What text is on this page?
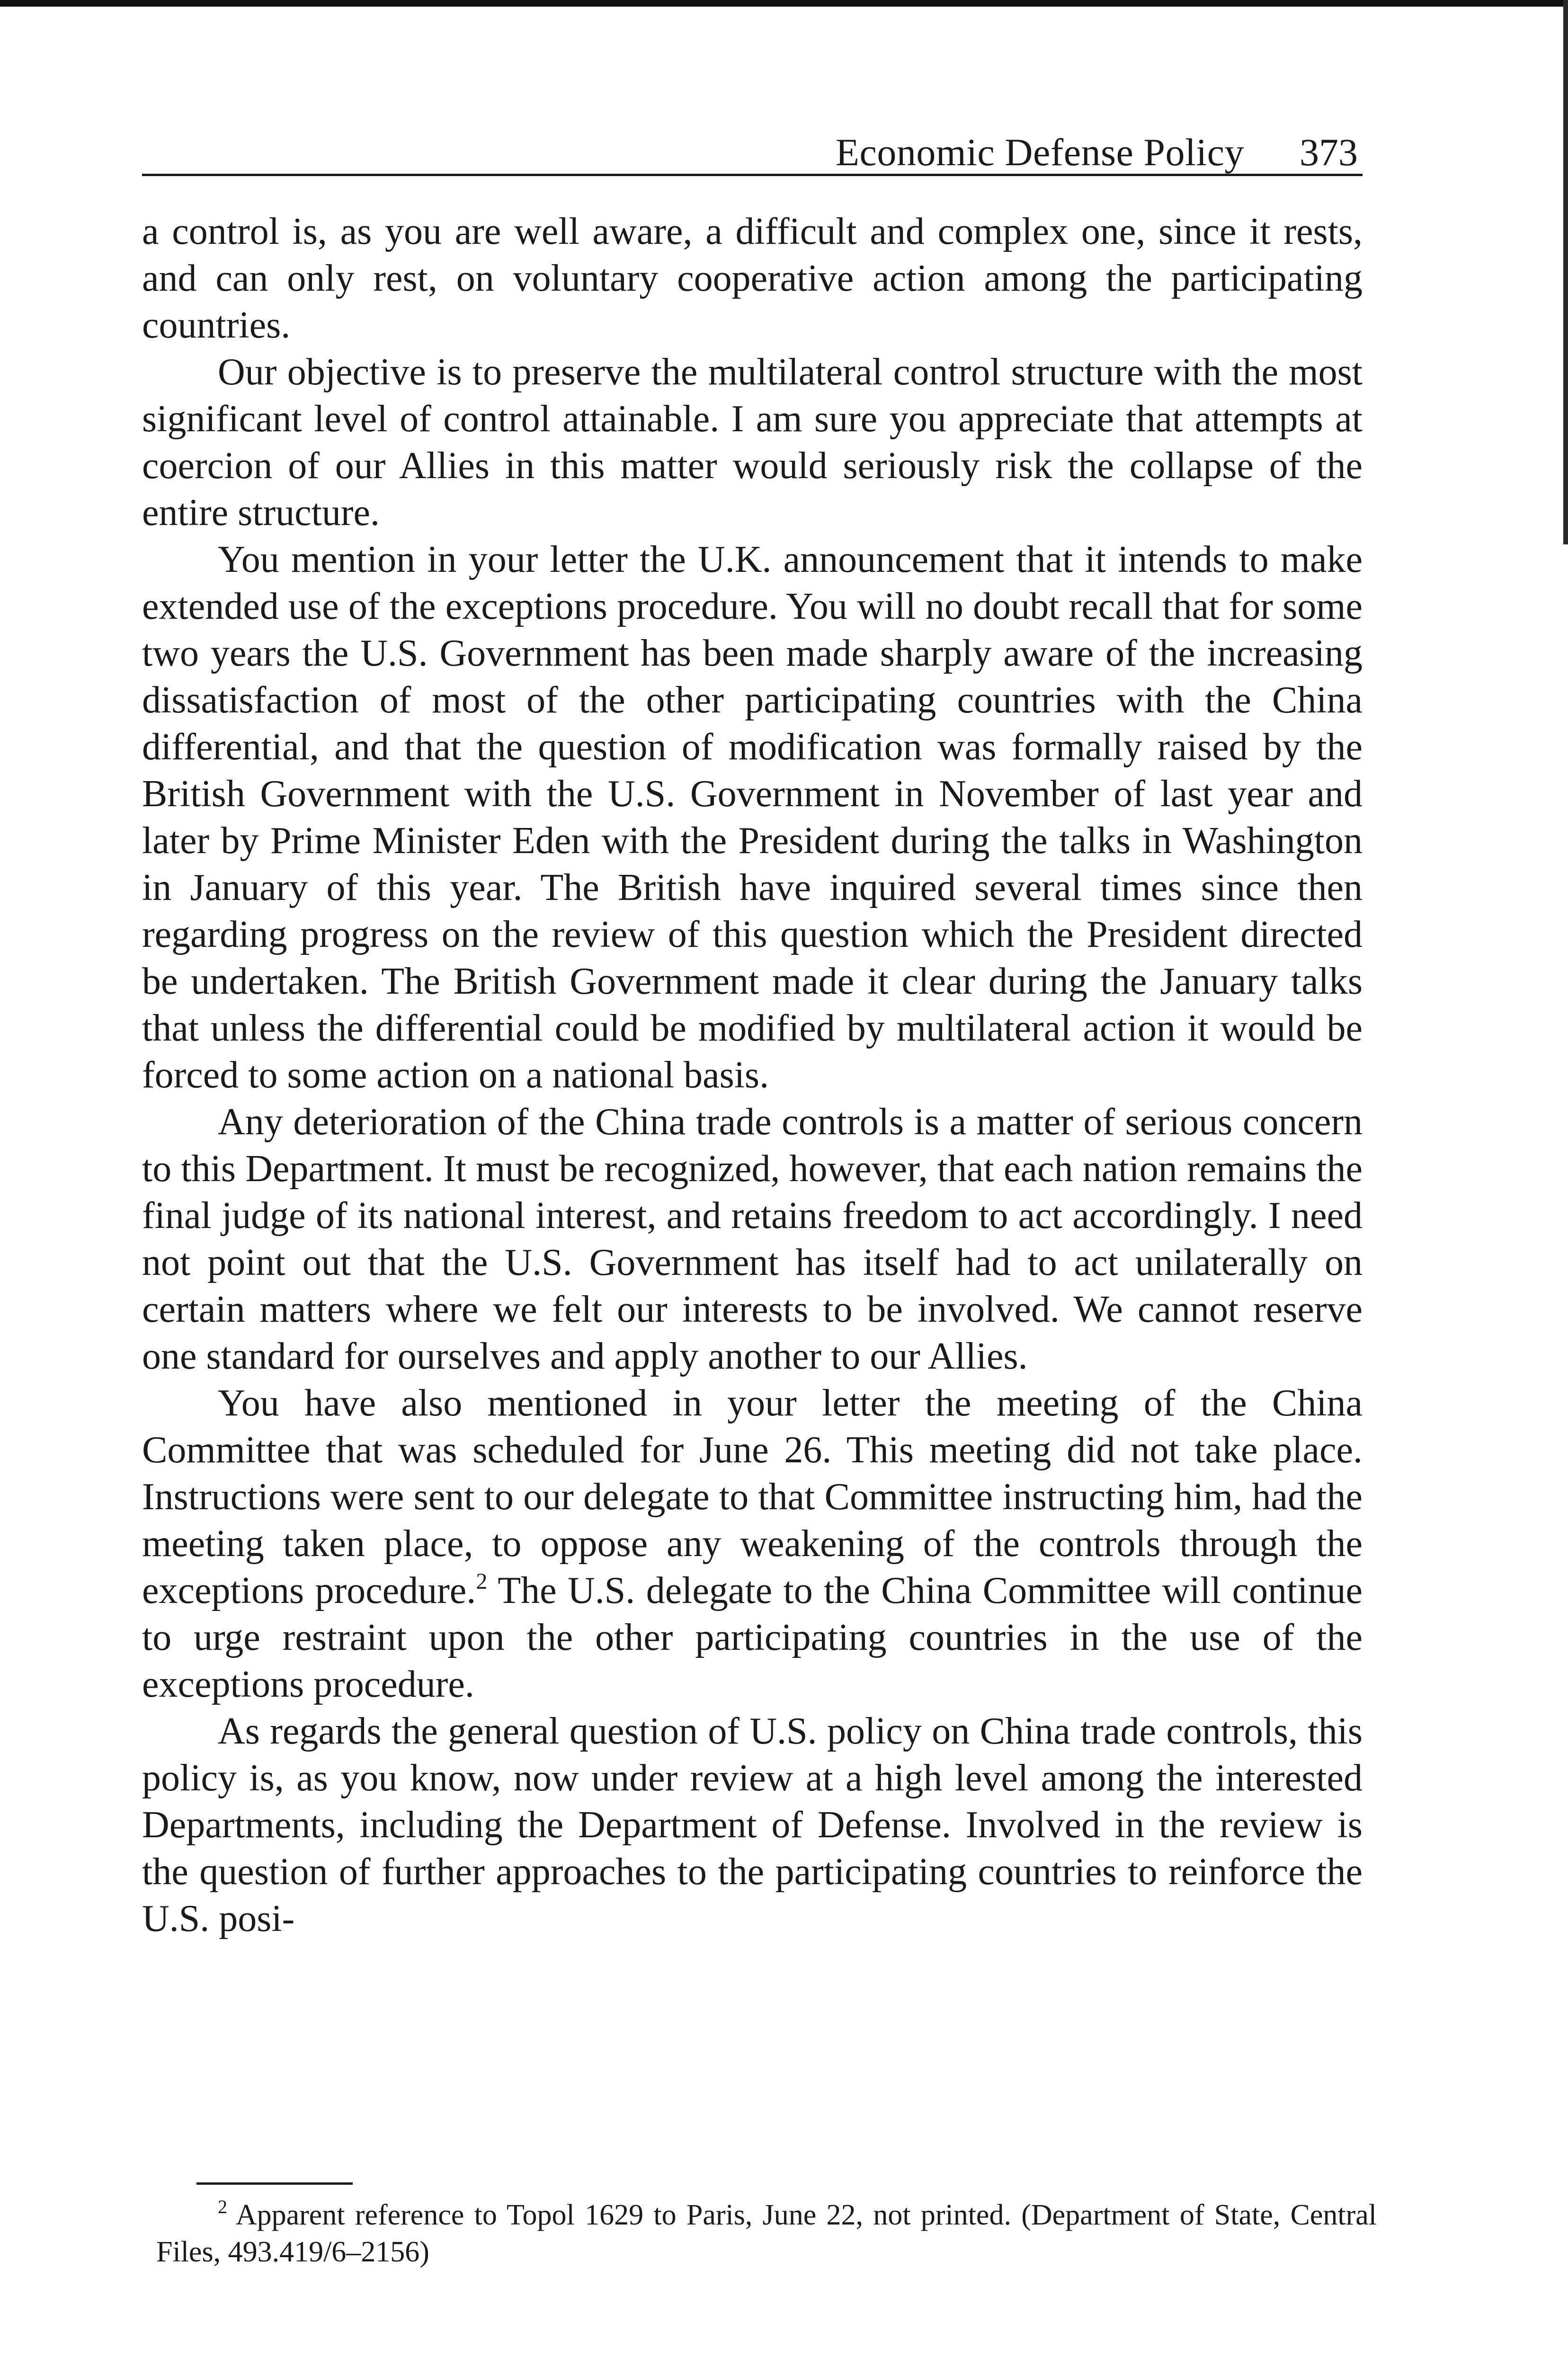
Economic Defense Policy 373

a control is, as you are well aware, a difficult and complex one, since it rests, and can only rest, on voluntary cooperative action among the participating countries.

Our objective is to preserve the multilateral control structure with the most significant level of control attainable. I am sure you appreciate that attempts at coercion of our Allies in this matter would seriously risk the collapse of the entire structure.

You mention in your letter the U.K. announcement that it intends to make extended use of the exceptions procedure. You will no doubt recall that for some two years the U.S. Government has been made sharply aware of the increasing dissatisfaction of most of the other participating countries with the China differential, and that the question of modification was formally raised by the British Government with the U.S. Government in November of last year and later by Prime Minister Eden with the President during the talks in Washington in January of this year. The British have inquired several times since then regarding progress on the review of this question which the President directed be undertaken. The British Government made it clear during the January talks that unless the differential could be modified by multilateral action it would be forced to some action on a national basis.

Any deterioration of the China trade controls is a matter of serious concern to this Department. It must be recognized, however, that each nation remains the final judge of its national interest, and retains freedom to act accordingly. I need not point out that the U.S. Government has itself had to act unilaterally on certain matters where we felt our interests to be involved. We cannot reserve one standard for ourselves and apply another to our Allies.

You have also mentioned in your letter the meeting of the China Committee that was scheduled for June 26. This meeting did not take place. Instructions were sent to our delegate to that Committee instructing him, had the meeting taken place, to oppose any weakening of the controls through the exceptions procedure.$^2$ The U.S. delegate to the China Committee will continue to urge restraint upon the other participating countries in the use of the exceptions procedure.

As regards the general question of U.S. policy on China trade controls, this policy is, as you know, now under review at a high level among the interested Departments, including the Department of Defense. Involved in the review is the question of further approaches to the participating countries to reinforce the U.S. posi-

$^2$ Apparent reference to Topol 1629 to Paris, June 22, not printed. (Department of State, Central Files, 493.419/6–2156)
